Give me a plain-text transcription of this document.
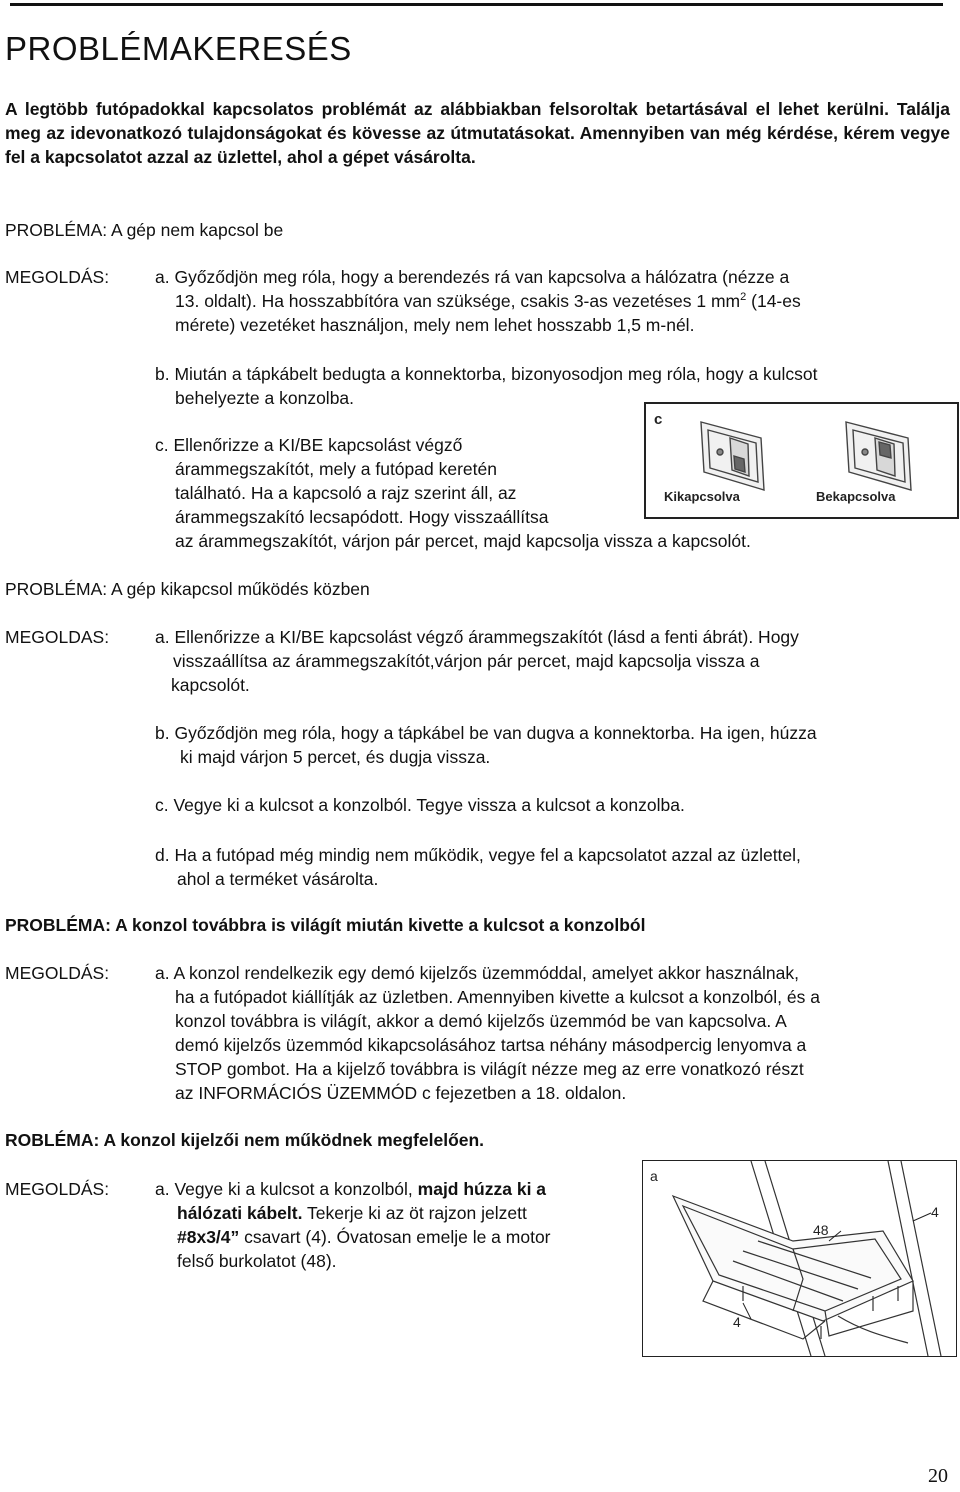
PROBLÉMAKERESÉS
A legtöbb futópadokkal kapcsolatos problémát az alábbiakban felsoroltak betartásával el lehet kerülni. Találja meg az idevonatkozó tulajdonságokat és kövesse az útmutatásokat. Amennyiben van még kérdése, kérem vegye fel a kapcsolatot azzal az üzlettel, ahol a gépet vásárolta.
PROBLÉMA: A gép nem kapcsol be
MEGOLDÁS:	a. Győződjön meg róla, hogy a berendezés rá van kapcsolva a hálózatra (nézze a
13. oldalt). Ha hosszabbítóra van szüksége, csakis 3-as vezetéses 1 $mm^2$ (14-es
mérete) vezetéket használjon, mely nem lehet hosszabb 1,5 m-nél.
b. Miután a tápkábelt bedugta a konnektorba, bizonyosodjon meg róla, hogy a kulcsot
behelyezte a konzolba.
c. Ellenőrizze a KI/BE kapcsolást végző
árammegszakítót, mely a futópad keretén
található. Ha a kapcsoló a rajz szerint áll, az
árammegszakító lecsapódott. Hogy visszaállítsa
az árammegszakítót, várjon pár percet, majd kapcsolja vissza a kapcsolót.
c
Kikapcsolva	Bekapcsolva
PROBLÉMA: A gép kikapcsol működés közben
MEGOLDAS:	a. Ellenőrizze a KI/BE kapcsolást végző árammegszakítót (lásd a fenti ábrát). Hogy
visszaállítsa az árammegszakítót,várjon pár percet, majd kapcsolja vissza a
kapcsolót.
b. Győződjön meg róla, hogy a tápkábel be van dugva a konnektorba. Ha igen, húzza
ki majd várjon 5 percet, és dugja vissza.
c. Vegye ki a kulcsot a konzolból. Tegye vissza a kulcsot a konzolba.
d. Ha a futópad még mindig nem működik, vegye fel a kapcsolatot azzal az üzlettel,
ahol a terméket vásárolta.
PROBLÉMA: A konzol továbbra is világít miután kivette a kulcsot a konzolból
MEGOLDÁS:	a. A konzol rendelkezik egy demó kijelzős üzemmóddal, amelyet akkor használnak,
ha a futópadot kiállítják az üzletben. Amennyiben kivette a kulcsot a konzolból, és a
konzol továbbra is világít, akkor a demó kijelzős üzemmód be van kapcsolva. A
demó kijelzős üzemmód kikapcsolásához tartsa néhány másodpercig lenyomva a
STOP gombot. Ha a kijelző továbbra is világít nézze meg az erre vonatkozó részt
az INFORMÁCIÓS ÜZEMMÓD c fejezetben a 18. oldalon.
ROBLÉMA: A konzol kijelzői nem működnek megfelelően.
MEGOLDÁS:	a. Vegye ki a kulcsot a konzolból, majd húzza ki a
hálózati kábelt. Tekerje ki az öt rajzon jelzett
#8x3/4” csavart (4). Óvatosan emelje le a motor
felső burkolatot (48).
a
48
4
4
20
